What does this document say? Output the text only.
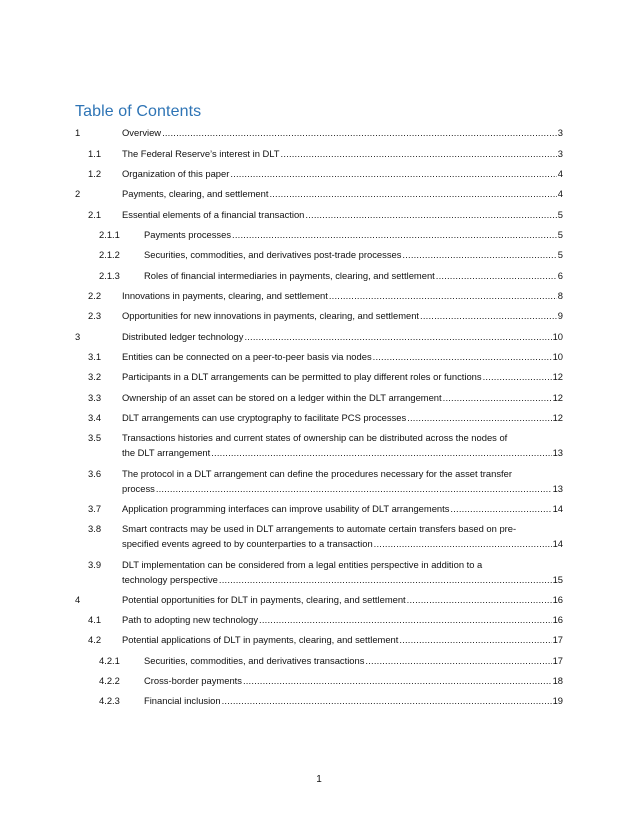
Table of Contents
1	Overview .....	3
1.1 The Federal Reserve’s interest in DLT .....	3
1.2 Organization of this paper .....	4
2	Payments, clearing, and settlement .....	4
2.1 Essential elements of a financial transaction .....	5
2.1.1	Payments processes .....	5
2.1.2	Securities, commodities, and derivatives post-trade processes .....	5
2.1.3	Roles of financial intermediaries in payments, clearing, and settlement .....	6
2.2 Innovations in payments, clearing, and settlement .....	8
2.3 Opportunities for new innovations in payments, clearing, and settlement .....	9
3	Distributed ledger technology .....	10
3.1 Entities can be connected on a peer-to-peer basis via nodes .....	10
3.2 Participants in a DLT arrangements can be permitted to play different roles or functions .....	12
3.3 Ownership of an asset can be stored on a ledger within the DLT arrangement .....	12
3.4 DLT arrangements can use cryptography to facilitate PCS processes .....	12
3.5 Transactions histories and current states of ownership can be distributed across the nodes of
the DLT arrangement .....	13
3.6 The protocol in a DLT arrangement can define the procedures necessary for the asset transfer
process .....	13
3.7 Application programming interfaces can improve usability of DLT arrangements .....	14
3.8 Smart contracts may be used in DLT arrangements to automate certain transfers based on pre-
specified events agreed to by counterparties to a transaction .....	14
3.9 DLT implementation can be considered from a legal entities perspective in addition to a
technology perspective .....	15
4	Potential opportunities for DLT in payments, clearing, and settlement .....	16
4.1 Path to adopting new technology .....	16
4.2 Potential applications of DLT in payments, clearing, and settlement .....	17
4.2.1	Securities, commodities, and derivatives transactions .....	17
4.2.2	Cross-border payments .....	18
4.2.3	Financial inclusion .....	19
1
